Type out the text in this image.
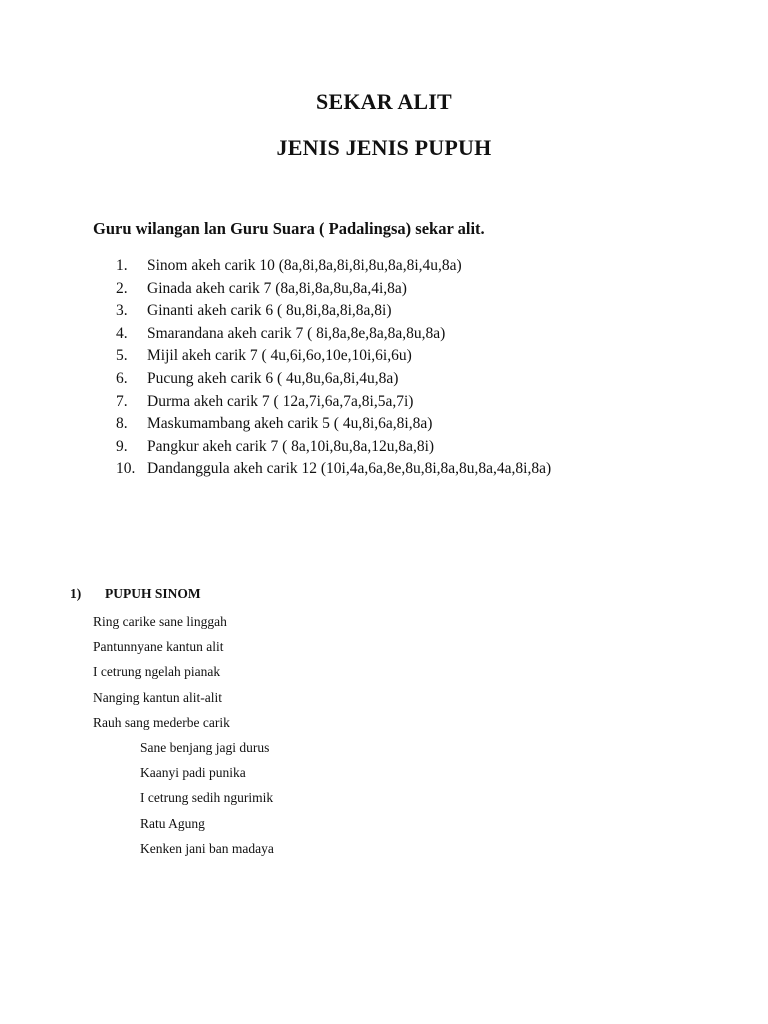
SEKAR ALIT
JENIS JENIS PUPUH
Guru wilangan lan Guru Suara ( Padalingsa) sekar alit.
1. Sinom akeh carik 10 (8a,8i,8a,8i,8i,8u,8a,8i,4u,8a)
2. Ginada akeh carik 7 (8a,8i,8a,8u,8a,4i,8a)
3. Ginanti akeh carik 6 ( 8u,8i,8a,8i,8a,8i)
4. Smarandana akeh carik 7 ( 8i,8a,8e,8a,8a,8u,8a)
5. Mijil akeh carik 7 ( 4u,6i,6o,10e,10i,6i,6u)
6. Pucung akeh carik 6 ( 4u,8u,6a,8i,4u,8a)
7. Durma akeh carik 7 ( 12a,7i,6a,7a,8i,5a,7i)
8. Maskumambang akeh carik 5 ( 4u,8i,6a,8i,8a)
9. Pangkur akeh carik 7 ( 8a,10i,8u,8a,12u,8a,8i)
10. Dandanggula akeh carik 12 (10i,4a,6a,8e,8u,8i,8a,8u,8a,4a,8i,8a)
1) PUPUH SINOM
Ring carike sane linggah
Pantunnyane kantun alit
I cetrung ngelah pianak
Nanging kantun alit-alit
Rauh sang mederbe carik
Sane benjang jagi durus
Kaanyi padi punika
I cetrung sedih ngurimik
Ratu Agung
Kenken jani ban madaya
